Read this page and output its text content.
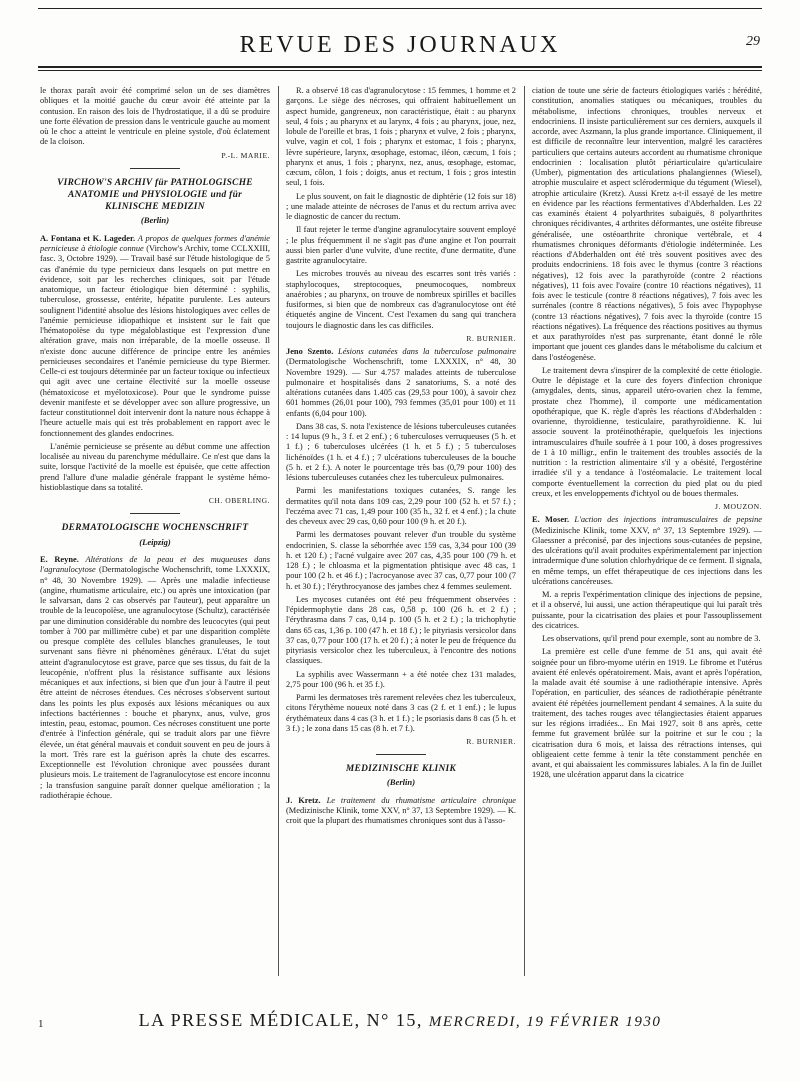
REVUE DES JOURNAUX	29

le thorax paraît avoir été comprimé selon un de ses diamètres obliques et la moitié gauche du cœur avoir été atteinte par la contusion. En raison des lois de l'hydrostatique, il a dû se produire une forte élévation de pression dans le ventricule gauche au moment où le choc a atteint le ventricule en pleine systole, d'où éclatement de la cloison.

P.-L. MARIE.
VIRCHOW'S ARCHIV für PATHOLOGISCHE ANATOMIE und PHYSIOLOGIE und für KLINISCHE MEDIZIN
(Berlin)

A. Fontana et K. Lageder. A propos de quelques formes d'anémie pernicieuse à étiologie connue (Virchow's Archiv, tome CCLXXIII, fasc. 3, Octobre 1929). — Travail basé sur l'étude histologique de 5 cas d'anémie du type pernicieux dans lesquels on put mettre en évidence, soit par les recherches cliniques, soit par l'étude anatomique, un facteur étiologique bien déterminé : syphilis, tuberculose, grossesse, entérite, hépatite purulente. Les auteurs soulignent l'identité absolue des lésions histologiques avec celles de l'anémie pernicieuse idiopathique et insistent sur le fait que l'hématopoïèse du type mégaloblastique est l'expression d'une altération grave, mais non irréparable, de la moelle osseuse. Il n'existe donc aucune différence de principe entre les anémies pernicieuses secondaires et l'anémie pernicieuse du type Biermer. Celle-ci est toujours déterminée par un facteur toxique ou infectieux qui agit avec une certaine électivité sur la moelle osseuse (hématoxicose et myélotoxicose). Pour que le syndrome puisse devenir manifeste et se développer avec son allure progressive, un facteur constitutionnel doit intervenir dont la nature nous échappe à l'heure actuelle mais qui est très probablement en rapport avec le fonctionnement des glandes endocrines.

L'anémie pernicieuse se présente au début comme une affection localisée au niveau du parenchyme médullaire. Ce n'est que dans la suite, lorsque l'activité de la moelle est épuisée, que cette affection prend l'allure d'une maladie générale frappant le système hémo-histioblastique dans sa totalité.

CH. OBERLING.
DERMATOLOGISCHE WOCHENSCHRIFT
(Leipzig)

E. Reyne. Altérations de la peau et des muqueuses dans l'agranulocytose (Dermatologische Wochenschrift, tome LXXXIX, n° 48, 30 Novembre 1929). — Après une maladie infectieuse (angine, rhumatisme articulaire, etc.) ou après une intoxication (par le salvarsan, dans 2 cas observés par l'auteur), peut apparaître un trouble de la leucopoïèse, une agranulocytose (Schultz), caractérisée par une diminution considérable du nombre des leucocytes (qui peut tomber à 700 par millimètre cube) et par une disparition complète ou presque complète des cellules blanches granuleuses, le tout survenant sans fièvre ni phénomènes généraux. L'état du sujet atteint d'agranulocytose est grave, parce que ses tissus, du fait de la leucopénie, n'offrent plus la résistance suffisante aux lésions mécaniques et aux infections, si bien que d'un jour à l'autre il peut être atteint de nécroses étendues. Ces nécroses s'observent surtout dans les points les plus exposés aux lésions mécaniques ou aux infections bactériennes : bouche et pharynx, anus, vulve, gros intestin, peau, estomac, poumon. Ces nécroses constituent une porte d'entrée à l'infection générale, qui se traduit alors par une fièvre élevée, un état général mauvais et conduit souvent en peu de jours à la mort. Très rare est la guérison après la chute des escarres. Exceptionnelle est l'évolution chronique avec poussées durant plusieurs mois. Le traitement de l'agranulocytose est encore inconnu ; la transfusion sanguine paraît donner quelque amélioration ; la radiothérapie échoue.

R. a observé 18 cas d'agranulocytose : 15 femmes, 1 homme et 2 garçons. Le siège des nécroses, qui offraient habituellement un aspect humide, gangreneux, non caractéristique, était : au pharynx seul, 4 fois ; au pharynx et au larynx, 4 fois ; au pharynx, joue, nez, lobule de l'oreille et bras, 1 fois ; pharynx et vulve, 2 fois ; pharynx, vulve, vagin et col, 1 fois ; pharynx et estomac, 1 fois ; pharynx, lèvre supérieure, larynx, œsophage, estomac, iléon, cæcum, 1 fois ; pharynx et anus, 1 fois ; pharynx, nez, anus, œsophage, estomac, cæcum, côlon, 1 fois ; doigts, anus et rectum, 1 fois ; gros intestin seul, 1 fois.

Le plus souvent, on fait le diagnostic de diphtérie (12 fois sur 18) ; une malade atteinte de nécroses de l'anus et du rectum arriva avec le diagnostic de cancer du rectum.

Il faut rejeter le terme d'angine agranulocytaire souvent employé ; le plus fréquemment il ne s'agit pas d'une angine et l'on pourrait aussi bien parler d'une vulvite, d'une rectite, d'une dermatite, d'une gastrite agranulocytaire.

Les microbes trouvés au niveau des escarres sont très variés : staphylocoques, streptocoques, pneumocoques, nombreux anaérobies ; au pharynx, on trouve de nombreux spirilles et bacilles fusiformes, si bien que de nombreux cas d'agranulocytose ont été étiquetés angine de Vincent. C'est l'examen du sang qui tranchera toujours le diagnostic dans les cas difficiles.

R. BURNIER.

Jeno Szento. Lésions cutanées dans la tuberculose pulmonaire (Dermatologische Wochenschrift, tome LXXXIX, n° 48, 30 Novembre 1929). — Sur 4.757 malades atteints de tuberculose pulmonaire et hospitalisés dans 2 sanatoriums, S. a noté des altérations cutanées dans 1.405 cas (29,53 pour 100), à savoir chez 601 hommes (26,01 pour 100), 793 femmes (35,01 pour 100) et 11 enfants (6,04 pour 100).

Dans 38 cas, S. nota l'existence de lésions tuberculeuses cutanées : 14 lupus (9 h., 3 f. et 2 enf.) ; 6 tuberculoses verruqueuses (5 h. et 1 f.) ; 6 tuberculoses ulcérées (1 h. et 5 f.) ; 5 tuberculoses lichénoïdes (1 h. et 4 f.) ; 7 ulcérations tuberculeuses de la bouche (5 h. et 2 f.). A noter le pourcentage très bas (0,79 pour 100) des lésions tuberculeuses cutanées chez les tuberculeux pulmonaires.

Parmi les manifestations toxiques cutanées, S. range les dermatites qu'il nota dans 109 cas, 2,29 pour 100 (52 h. et 57 f.) ; l'eczéma avec 71 cas, 1,49 pour 100 (35 h., 32 f. et 4 enf.) ; la chute des cheveux avec 29 cas, 0,60 pour 100 (9 h. et 20 f.).

Parmi les dermatoses pouvant relever d'un trouble du système endocrinien, S. classe la séborrhée avec 159 cas, 3,34 pour 100 (39 h. et 120 f.) ; l'acné vulgaire avec 207 cas, 4,35 pour 100 (79 h. et 128 f.) ; le chloasma et la pigmentation phtisique avec 48 cas, 1 pour 100 (2 h. et 46 f.) ; l'acrocyanose avec 37 cas, 0,77 pour 100 (7 h. et 30 f.) ; l'érythrocyanose des jambes chez 4 femmes seulement.

Les mycoses cutanées ont été peu fréquemment observées : l'épidermophytie dans 28 cas, 0,58 p. 100 (26 h. et 2 f.) ; l'érythrasma dans 7 cas, 0,14 p. 100 (5 h. et 2 f.) ; la trichophytie dans 65 cas, 1,36 p. 100 (47 h. et 18 f.) ; le pityriasis versicolor dans 37 cas, 0,77 pour 100 (17 h. et 20 f.) ; à noter le peu de fréquence du pityriasis versicolor chez les tuberculeux, à l'encontre des notions classiques.

La syphilis avec Wassermann + a été notée chez 131 malades, 2,75 pour 100 (96 h. et 35 f.).

Parmi les dermatoses très rarement relevées chez les tuberculeux, citons l'érythème noueux noté dans 3 cas (2 f. et 1 enf.) ; le lupus érythémateux dans 4 cas (3 h. et 1 f.) ; le psoriasis dans 8 cas (5 h. et 3 f.) ; le zona dans 15 cas (8 h. et 7 f.).

R. BURNIER.
MEDIZINISCHE KLINIK
(Berlin)

J. Kretz. Le traitement du rhumatisme articulaire chronique (Medizinische Klinik, tome XXV, n° 37, 13 Septembre 1929). — K. croit que la plupart des rhumatismes chroniques sont dus à l'asso-

ciation de toute une série de facteurs étiologiques variés : hérédité, constitution, anomalies statiques ou mécaniques, troubles du métabolisme, infections chroniques, troubles nerveux et endocriniens. Il insiste particulièrement sur ces derniers, auxquels il accorde, avec Aszmann, la plus grande importance. Cliniquement, il est difficile de reconnaître leur intervention, malgré les caractères particuliers que certains auteurs accordent au rhumatisme chronique endocrinien : localisation plutôt périarticulaire qu'articulaire (Umber), pigmentation des articulations phalangiennes (Wiesel), atrophie musculaire et aspect sclérodermique du tégument (Wiesel), atrophie articulaire (Kretz). Aussi Kretz a-t-il essayé de les mettre en évidence par les réactions fermentatives d'Abderhalden. Les 22 cas examinés étaient 4 polyarthrites subaiguës, 8 polyarthrites chroniques récidivantes, 4 arthrites déformantes, une ostéite fibreuse généralisée, une ostéoarthrite chronique vertébrale, et 4 rhumatismes chroniques déformants d'étiologie indéterminée. Les réactions d'Abderhalden ont été très souvent positives avec des produits endocriniens. 18 fois avec le thymus (contre 3 réactions négatives), 12 fois avec la parathyroïde (contre 2 réactions négatives), 11 fois avec l'ovaire (contre 10 réactions négatives), 11 fois avec le testicule (contre 8 réactions négatives), 7 fois avec les surrénales (contre 8 réactions négatives), 5 fois avec l'hypophyse (contre 13 réactions négatives), 7 fois avec la thyroïde (contre 15 réactions négatives). La fréquence des réactions positives au thymus et aux parathyroïdes n'est pas surprenante, étant donné le rôle important que jouent ces glandes dans le métabolisme du calcium et dans l'ostéogenèse.

Le traitement devra s'inspirer de la complexité de cette étiologie. Outre le dépistage et la cure des foyers d'infection chronique (amygdales, dents, sinus, appareil utéro-ovarien chez la femme, prostate chez l'homme), il comporte une médicamentation opothérapique, que K. règle d'après les réactions d'Abderhalden : ovarienne, thyroïdienne, testiculaire, parathyroïdienne. K. lui associe souvent la protéinothérapie, quelquefois les injections intramusculaires d'huile soufrée à 1 pour 100, à doses progressives de 1 à 10 milligr., enfin le traitement des troubles associés de la nutrition : la restriction alimentaire s'il y a obésité, l'ergostérine irradiée s'il y a tendance à l'ostéomalacie. Le traitement local comporte éventuellement la correction du pied plat ou du pied creux, et les enveloppements d'ichtyol ou de boues thermales.

J. MOUZON.

E. Moser. L'action des injections intramusculaires de pepsine (Medizinische Klinik, tome XXV, n° 37, 13 Septembre 1929). — Glaessner a préconisé, par des injections sous-cutanées de pepsine, des ulcérations qu'il avait produites expérimentalement par injection intradermique d'une solution chlorhydrique de ce ferment. Il signala, en même temps, un effet thérapeutique de ces injections dans les ulcérations cancéreuses.

M. a repris l'expérimentation clinique des injections de pepsine, et il a observé, lui aussi, une action thérapeutique qui lui paraît très puissante, pour la cicatrisation des plaies et pour l'assouplissement des cicatrices.

Les observations, qu'il prend pour exemple, sont au nombre de 3.

La première est celle d'une femme de 51 ans, qui avait été soignée pour un fibro-myome utérin en 1919. Le fibrome et l'utérus avaient été enlevés opératoirement. Mais, avant et après l'opération, la malade avait été soumise à une radiothérapie intensive. Après l'opération, en particulier, des séances de radiothérapie pénétrante avaient été répétées journellement pendant 4 semaines. A la suite du traitement, des taches rouges avec télangiectasies étaient apparues sur les régions irradiées... En Mai 1927, soit 8 ans après, cette femme fut gravement brûlée sur la poitrine et sur le cou ; la cicatrisation dura 6 mois, et laissa des rétractions intenses, qui obligeaient cette femme à tenir la tête constamment penchée en avant, et qui abaissaient les commissures labiales. A la fin de Juillet 1928, une ulcération apparut dans la cicatrice

1	LA PRESSE MÉDICALE, N° 15, MERCREDI, 19 FÉVRIER 1930
